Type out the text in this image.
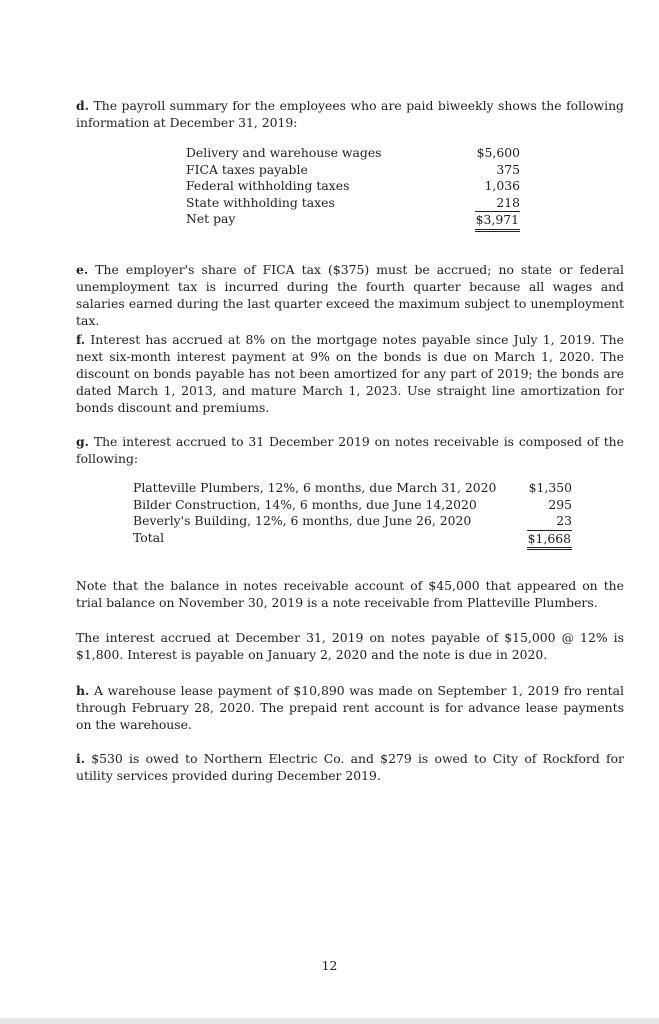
d. The payroll summary for the employees who are paid biweekly shows the following information at December 31, 2019:
Delivery and warehouse wages	$5,600
FICA taxes payable	375
Federal withholding taxes	1,036
State withholding taxes	218
Net pay	$3,971
e. The employer's share of FICA tax ($375) must be accrued; no state or federal unemployment tax is incurred during the fourth quarter because all wages and salaries earned during the last quarter exceed the maximum subject to unemployment tax.
f. Interest has accrued at 8% on the mortgage notes payable since July 1, 2019. The next six-month interest payment at 9% on the bonds is due on March 1, 2020. The discount on bonds payable has not been amortized for any part of 2019; the bonds are dated March 1, 2013, and mature March 1, 2023. Use straight line amortization for bonds discount and premiums.
g. The interest accrued to 31 December 2019 on notes receivable is composed of the following:
Platteville Plumbers, 12%, 6 months, due March 31, 2020	$1,350
Bilder Construction, 14%, 6 months, due June 14,2020	295
Beverly's Building, 12%, 6 months, due June 26, 2020	23
Total	$1,668
Note that the balance in notes receivable account of $45,000 that appeared on the trial balance on November 30, 2019 is a note receivable from Platteville Plumbers.
The interest accrued at December 31, 2019 on notes payable of $15,000 @ 12% is $1,800. Interest is payable on January 2, 2020 and the note is due in 2020.
h. A warehouse lease payment of $10,890 was made on September 1, 2019 fro rental through February 28, 2020. The prepaid rent account is for advance lease payments on the warehouse.
i. $530 is owed to Northern Electric Co. and $279 is owed to City of Rockford for utility services provided during December 2019.
12
